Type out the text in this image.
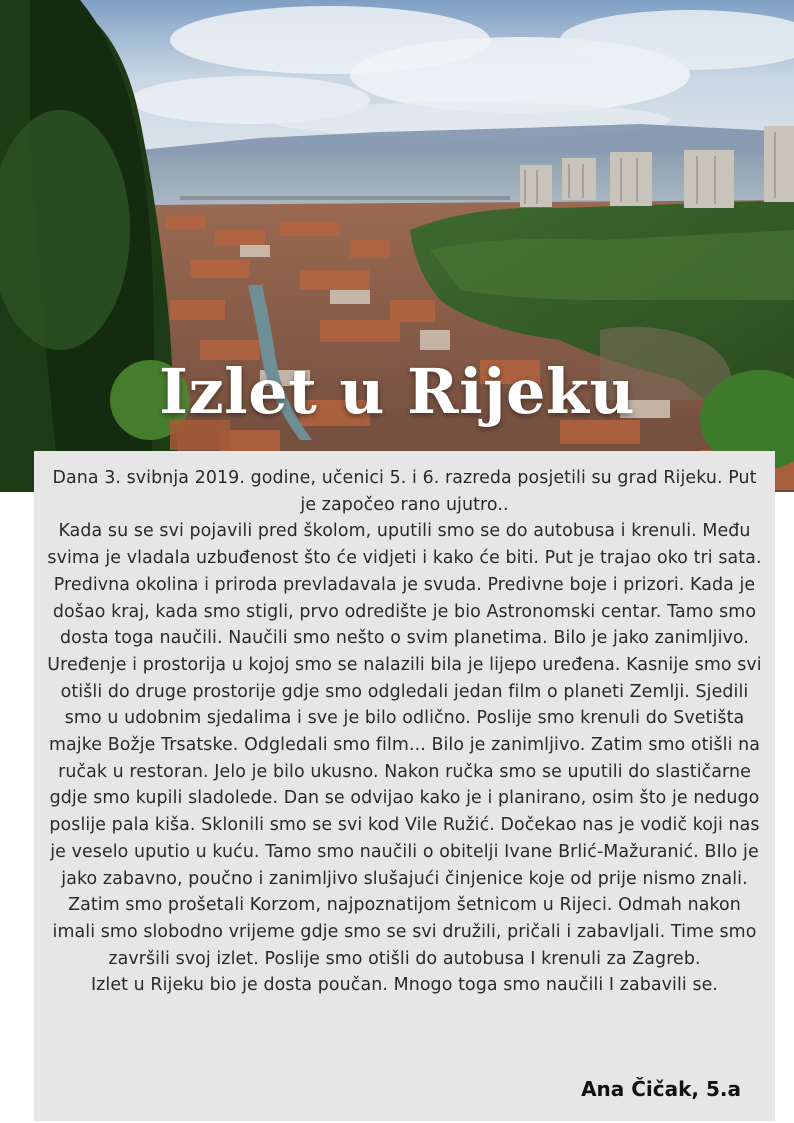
Izlet u Rijeku

Dana 3. svibnja 2019. godine, učenici 5. i 6. razreda posjetili su grad Rijeku. Put je započeo rano ujutro..

Kada su se svi pojavili pred školom, uputili smo se do autobusa i krenuli. Među svima je vladala uzbuđenost što će vidjeti i kako će biti. Put je trajao oko tri sata. Predivna okolina i priroda prevladavala je svuda. Predivne boje i prizori. Kada je došao kraj, kada smo stigli, prvo odredište je bio Astronomski centar. Tamo smo dosta toga naučili. Naučili smo nešto o svim planetima. Bilo je jako zanimljivo. Uređenje i prostorija u kojoj smo se nalazili bila je lijepo uređena. Kasnije smo svi otišli do druge prostorije gdje smo odgledali jedan film o planeti Zemlji. Sjedili smo u udobnim sjedalima i sve je bilo odlično. Poslije smo krenuli do Svetišta majke Božje Trsatske. Odgledali smo film... Bilo je zanimljivo. Zatim smo otišli na ručak u restoran. Jelo je bilo ukusno. Nakon ručka smo se uputili do slastičarne gdje smo kupili sladolede. Dan se odvijao kako je i planirano, osim što je nedugo poslije pala kiša. Sklonili smo se svi kod Vile Ružić. Dočekao nas je vodič koji nas je veselo uputio u kuću. Tamo smo naučili o obitelji Ivane Brlić-Mažuranić. BIlo je jako zabavno, poučno i zanimljivo slušajući činjenice koje od prije nismo znali. Zatim smo prošetali Korzom, najpoznatijom šetnicom u Rijeci. Odmah nakon imali smo slobodno vrijeme gdje smo se svi družili, pričali i zabavljali. Time smo završili svoj izlet. Poslije smo otišli do autobusa I krenuli za Zagreb.

Izlet u Rijeku bio je dosta poučan. Mnogo toga smo naučili I zabavili se.

Ana Čičak, 5.a
